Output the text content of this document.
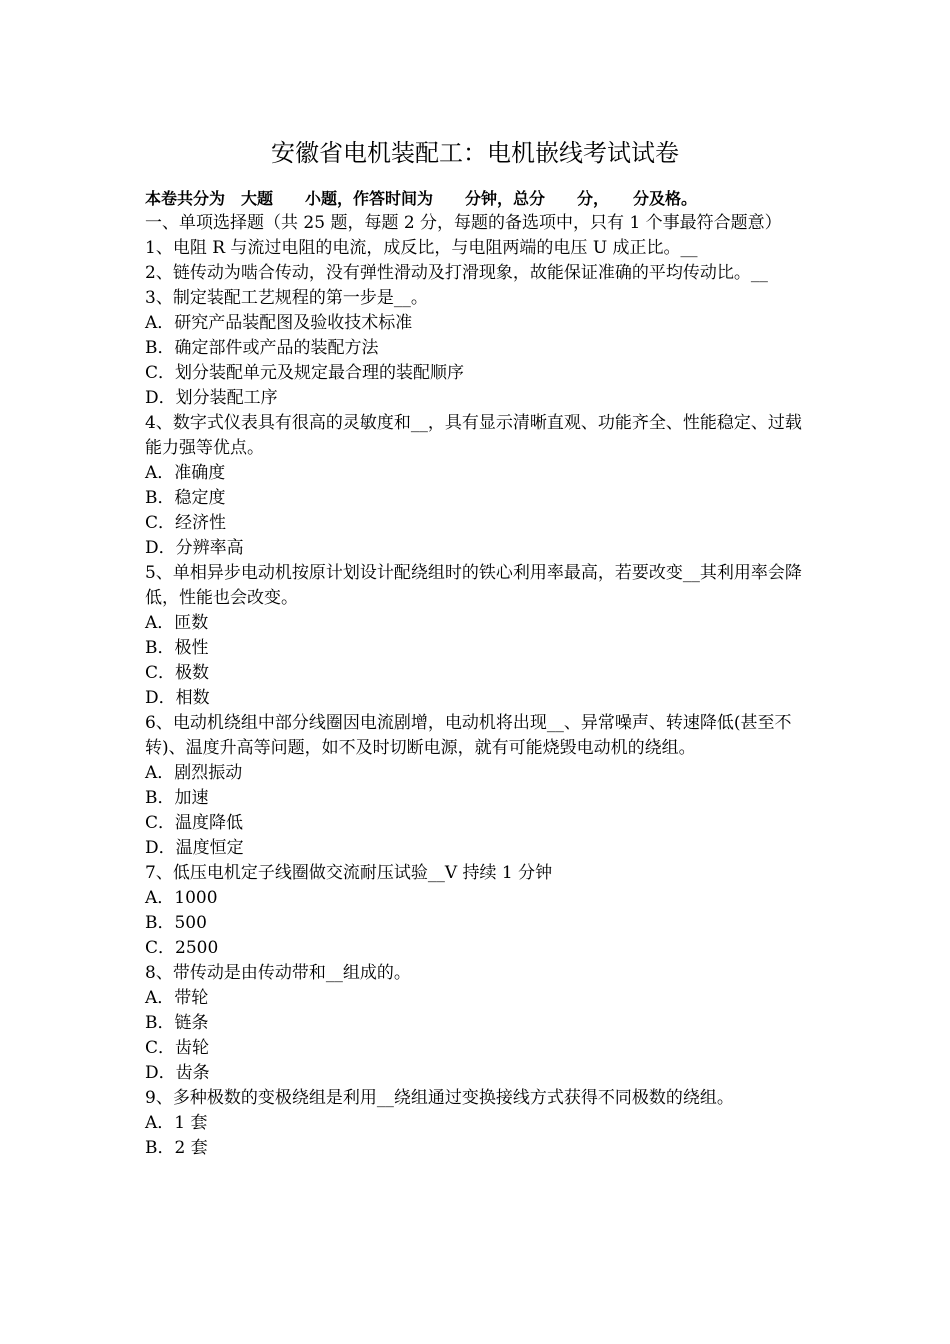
安徽省电机装配工：电机嵌线考试试卷

本卷共分为　大题　　小题，作答时间为　　分钟，总分　　分，　　分及格。

一、单项选择题（共 25 题，每题 2 分，每题的备选项中，只有 1 个事最符合题意）

1、电阻 R 与流过电阻的电流，成反比，与电阻两端的电压 U 成正比。__

2、链传动为啮合传动，没有弹性滑动及打滑现象，故能保证准确的平均传动比。__

3、制定装配工艺规程的第一步是__。

A．研究产品装配图及验收技术标准

B．确定部件或产品的装配方法

C．划分装配单元及规定最合理的装配顺序

D．划分装配工序

4、数字式仪表具有很高的灵敏度和__，具有显示清晰直观、功能齐全、性能稳定、过载能力强等优点。

A．准确度

B．稳定度

C．经济性

D．分辨率高

5、单相异步电动机按原计划设计配绕组时的铁心利用率最高，若要改变__其利用率会降低，性能也会改变。

A．匝数

B．极性

C．极数

D．相数

6、电动机绕组中部分线圈因电流剧增，电动机将出现__、异常噪声、转速降低(甚至不转)、温度升高等问题，如不及时切断电源，就有可能烧毁电动机的绕组。

A．剧烈振动

B．加速

C．温度降低

D．温度恒定

7、低压电机定子线圈做交流耐压试验__V 持续 1 分钟

A．1000

B．500

C．2500

8、带传动是由传动带和__组成的。

A．带轮

B．链条

C．齿轮

D．齿条

9、多种极数的变极绕组是利用__绕组通过变换接线方式获得不同极数的绕组。

A．1 套

B．2 套
